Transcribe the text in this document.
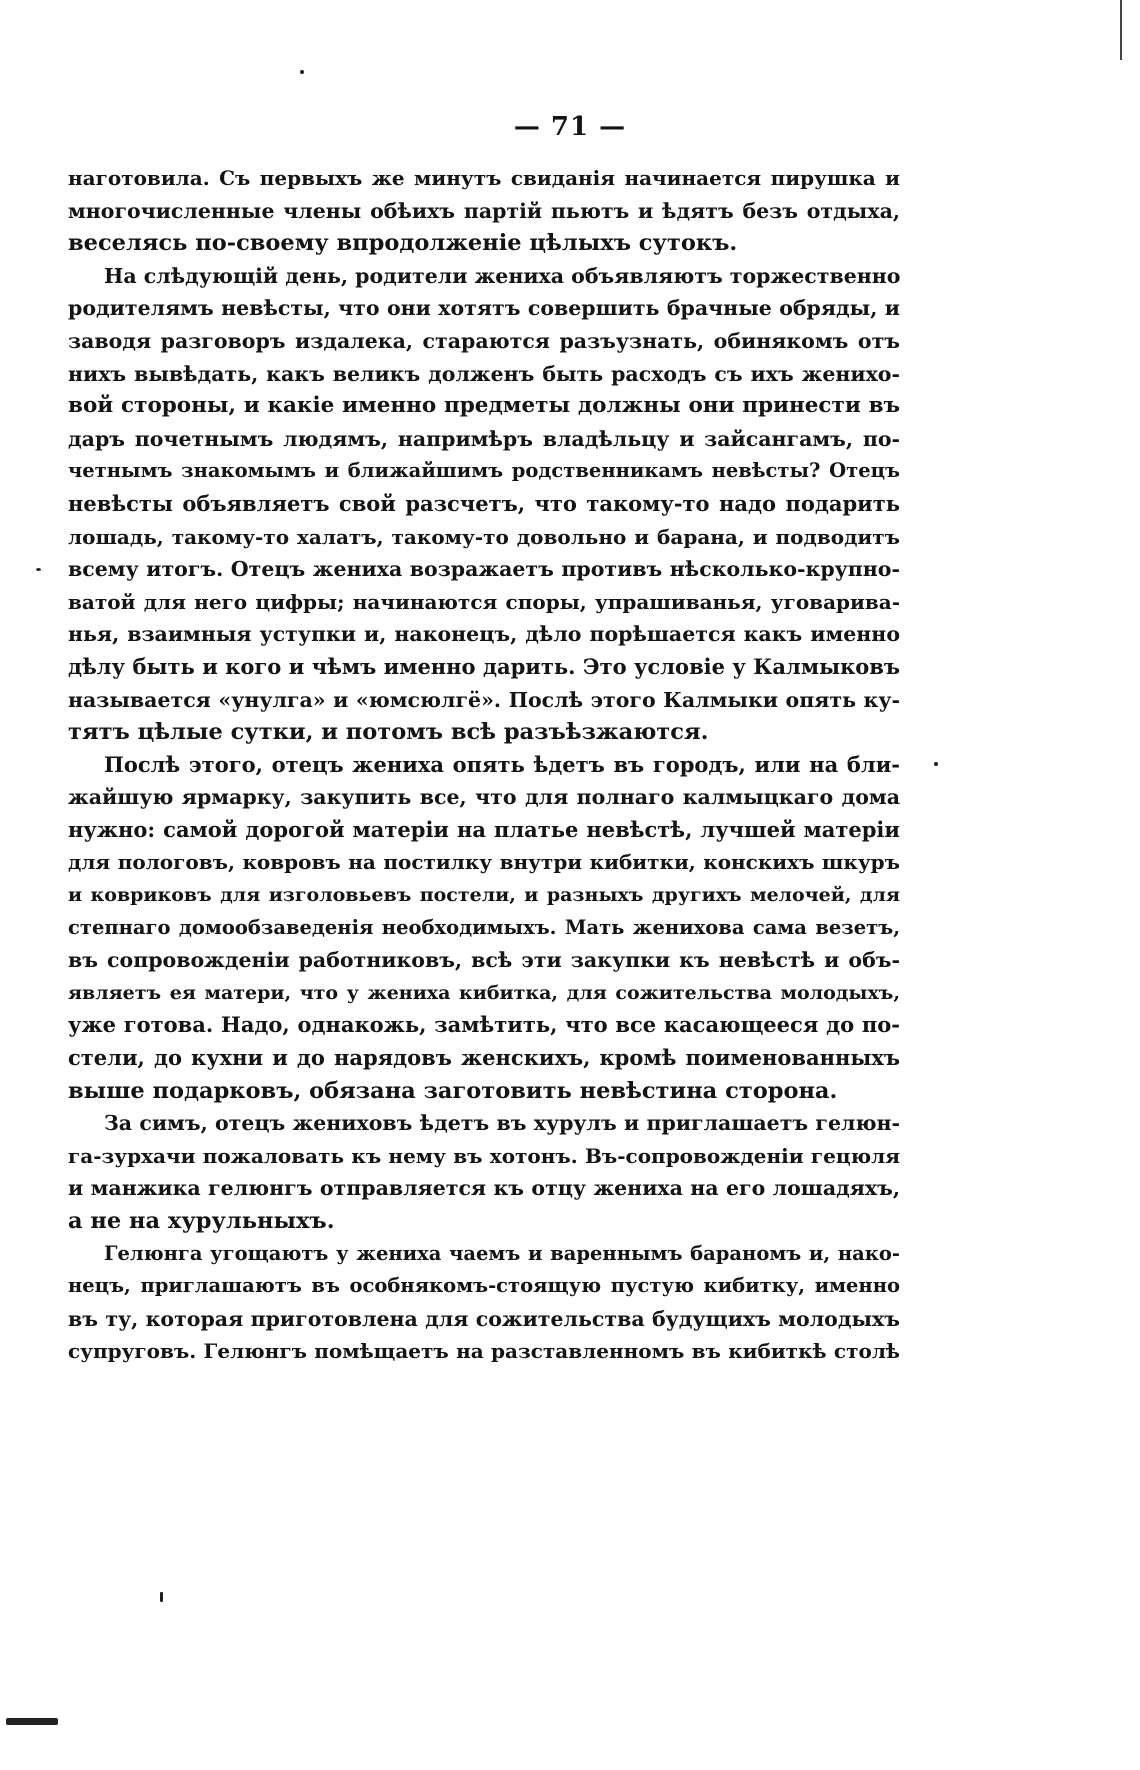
— 71 —
наготовила. Съ первыхъ же минутъ свиданія начинается пирушка и
многочисленные члены обѣихъ партій пьютъ и ѣдятъ безъ отдыха,
веселясь по-своему впродолженіе цѣлыхъ сутокъ.
На слѣдующій день, родители жениха объявляютъ торжественно
родителямъ невѣсты, что они хотятъ совершить брачные обряды, и
заводя разговоръ издалека, стараются разъузнать, обинякомъ отъ
нихъ вывѣдать, какъ великъ долженъ быть расходъ съ ихъ женихо-
вой стороны, и какіе именно предметы должны они принести въ
даръ почетнымъ людямъ, напримѣръ владѣльцу и зайсангамъ, по-
четнымъ знакомымъ и ближайшимъ родственникамъ невѣсты? Отецъ
невѣсты объявляетъ свой разсчетъ, что такому-то надо подарить
лошадь, такому-то халатъ, такому-то довольно и барана, и подводитъ
всему итогъ. Отецъ жениха возражаетъ противъ нѣсколько-крупно-
ватой для него цифры; начинаются споры, упрашиванья, уговарива-
нья, взаимныя уступки и, наконецъ, дѣло порѣшается какъ именно
дѣлу быть и кого и чѣмъ именно дарить. Это условіе у Калмыковъ
называется «унулга» и «юмсюлгё». Послѣ этого Калмыки опять ку-
тятъ цѣлые сутки, и потомъ всѣ разъѣзжаются.
Послѣ этого, отецъ жениха опять ѣдетъ въ городъ, или на бли-
жайшую ярмарку, закупить все, что для полнаго калмыцкаго дома
нужно: самой дорогой матеріи на платье невѣстѣ, лучшей матеріи
для пологовъ, ковровъ на постилку внутри кибитки, конскихъ шкуръ
и ковриковъ для изголовьевъ постели, и разныхъ другихъ мелочей, для
степнаго домообзаведенія необходимыхъ. Мать женихова сама везетъ,
въ сопровожденіи работниковъ, всѣ эти закупки къ невѣстѣ и объ-
являетъ ея матери, что у жениха кибитка, для сожительства молодыхъ,
уже готова. Надо, однакожь, замѣтить, что все касающееся до по-
стели, до кухни и до нарядовъ женскихъ, кромѣ поименованныхъ
выше подарковъ, обязана заготовить невѣстина сторона.
За симъ, отецъ жениховъ ѣдетъ въ хурулъ и приглашаетъ гелюн-
га-зурхачи пожаловать къ нему въ хотонъ. Въ-сопровожденіи гецюля
и манжика гелюнгъ отправляется къ отцу жениха на его лошадяхъ,
а не на хурульныхъ.
Гелюнга угощаютъ у жениха чаемъ и вареннымъ барaномъ и, нако-
нецъ, приглашаютъ въ особнякомъ-стоящую пустую кибитку, именно
въ ту, которая приготовлена для сожительства будущихъ молодыхъ
супруговъ. Гелюнгъ помѣщаетъ на разставленномъ въ кибиткѣ столѣ
